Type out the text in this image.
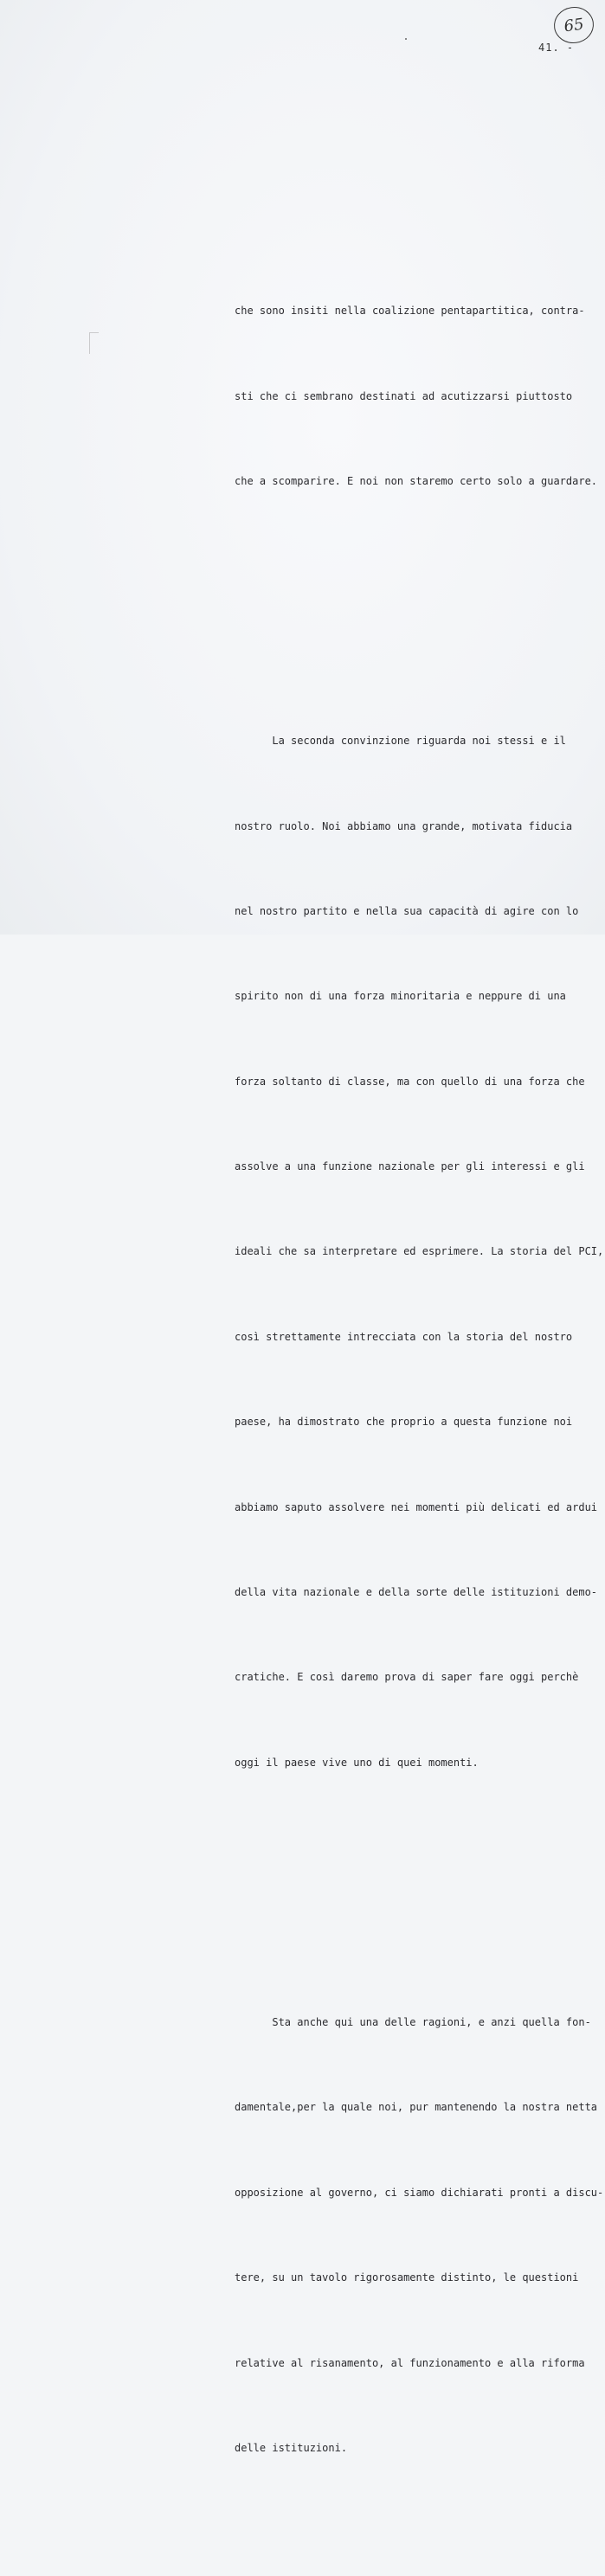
65
41. -

che sono insiti nella coalizione pentapartitica, contra-

sti che ci sembrano destinati ad acutizzarsi piuttosto

che a scomparire. E noi non staremo certo solo a guardare.

La seconda convinzione riguarda noi stessi e il

nostro ruolo. Noi abbiamo una grande, motivata fiducia

nel nostro partito e nella sua capacità di agire con lo

spirito non di una forza minoritaria e neppure di una

forza soltanto di classe, ma con quello di una forza che

assolve a una funzione nazionale per gli interessi e gli

ideali che sa interpretare ed esprimere. La storia del PCI,

così strettamente intrecciata con la storia del nostro

paese, ha dimostrato che proprio a questa funzione noi

abbiamo saputo assolvere nei momenti più delicati ed ardui

della vita nazionale e della sorte delle istituzioni demo-

cratiche. E così daremo prova di saper fare oggi perchè

oggi il paese vive uno di quei momenti.

Sta anche qui una delle ragioni, e anzi quella fon-

damentale,per la quale noi, pur mantenendo la nostra netta

opposizione al governo, ci siamo dichiarati pronti a discu-

tere, su un tavolo rigorosamente distinto, le questioni

relative al risanamento, al funzionamento e alla riforma

delle istituzioni.
